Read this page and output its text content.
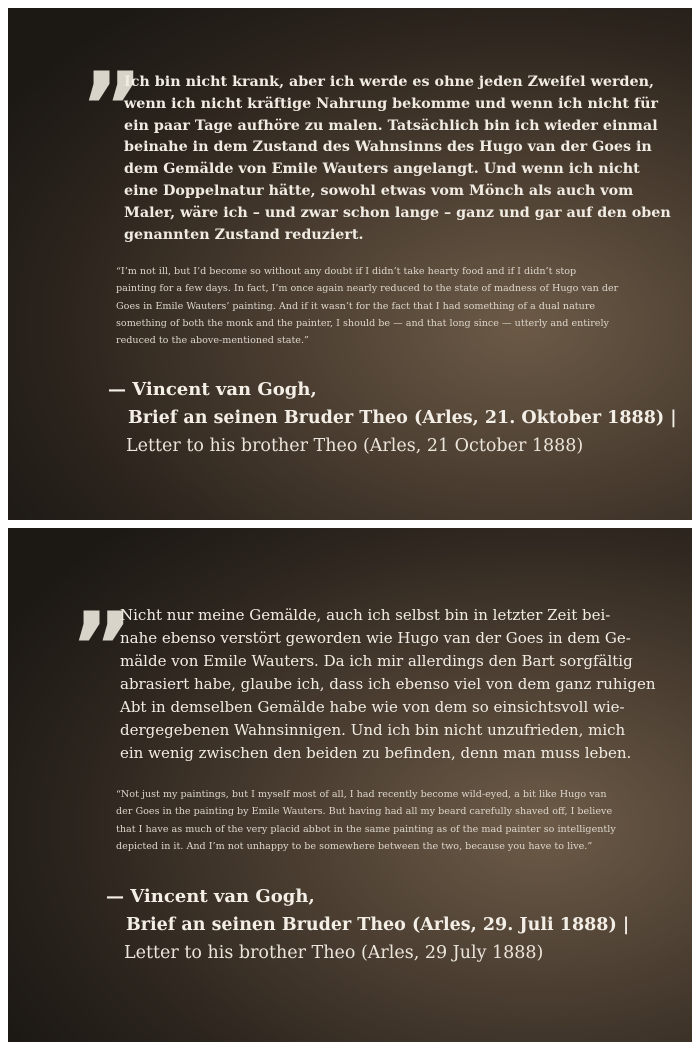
”
Ich bin nicht krank, aber ich werde es ohne jeden Zweifel werden,
wenn ich nicht kräftige Nahrung bekomme und wenn ich nicht für
ein paar Tage aufhöre zu malen. Tatsächlich bin ich wieder einmal
beinahe in dem Zustand des Wahnsinns des Hugo van der Goes in
dem Gemälde von Emile Wauters angelangt. Und wenn ich nicht
eine Doppelnatur hätte, sowohl etwas vom Mönch als auch vom
Maler, wäre ich – und zwar schon lange – ganz und gar auf den oben
genannten Zustand reduziert.
“I’m not ill, but I’d become so without any doubt if I didn’t take hearty food and if I didn’t stop
painting for a few days. In fact, I’m once again nearly reduced to the state of madness of Hugo van der
Goes in Emile Wauters’ painting. And if it wasn’t for the fact that I had something of a dual nature
something of both the monk and the painter, I should be — and that long since — utterly and entirely
reduced to the above-mentioned state.”
— Vincent van Gogh,
Brief an seinen Bruder Theo (Arles, 21. Oktober 1888) |
Letter to his brother Theo (Arles, 21 October 1888)
”
Nicht nur meine Gemälde, auch ich selbst bin in letzter Zeit bei-
nahe ebenso verstört geworden wie Hugo van der Goes in dem Ge-
mälde von Emile Wauters. Da ich mir allerdings den Bart sorgfältig
abrasiert habe, glaube ich, dass ich ebenso viel von dem ganz ruhigen
Abt in demselben Gemälde habe wie von dem so einsichtsvoll wie-
dergegebenen Wahnsinnigen. Und ich bin nicht unzufrieden, mich
ein wenig zwischen den beiden zu befinden, denn man muss leben.
“Not just my paintings, but I myself most of all, I had recently become wild-eyed, a bit like Hugo van
der Goes in the painting by Emile Wauters. But having had all my beard carefully shaved off, I believe
that I have as much of the very placid abbot in the same painting as of the mad painter so intelligently
depicted in it. And I’m not unhappy to be somewhere between the two, because you have to live.”
— Vincent van Gogh,
Brief an seinen Bruder Theo (Arles, 29. Juli 1888) |
Letter to his brother Theo (Arles, 29 July 1888)
